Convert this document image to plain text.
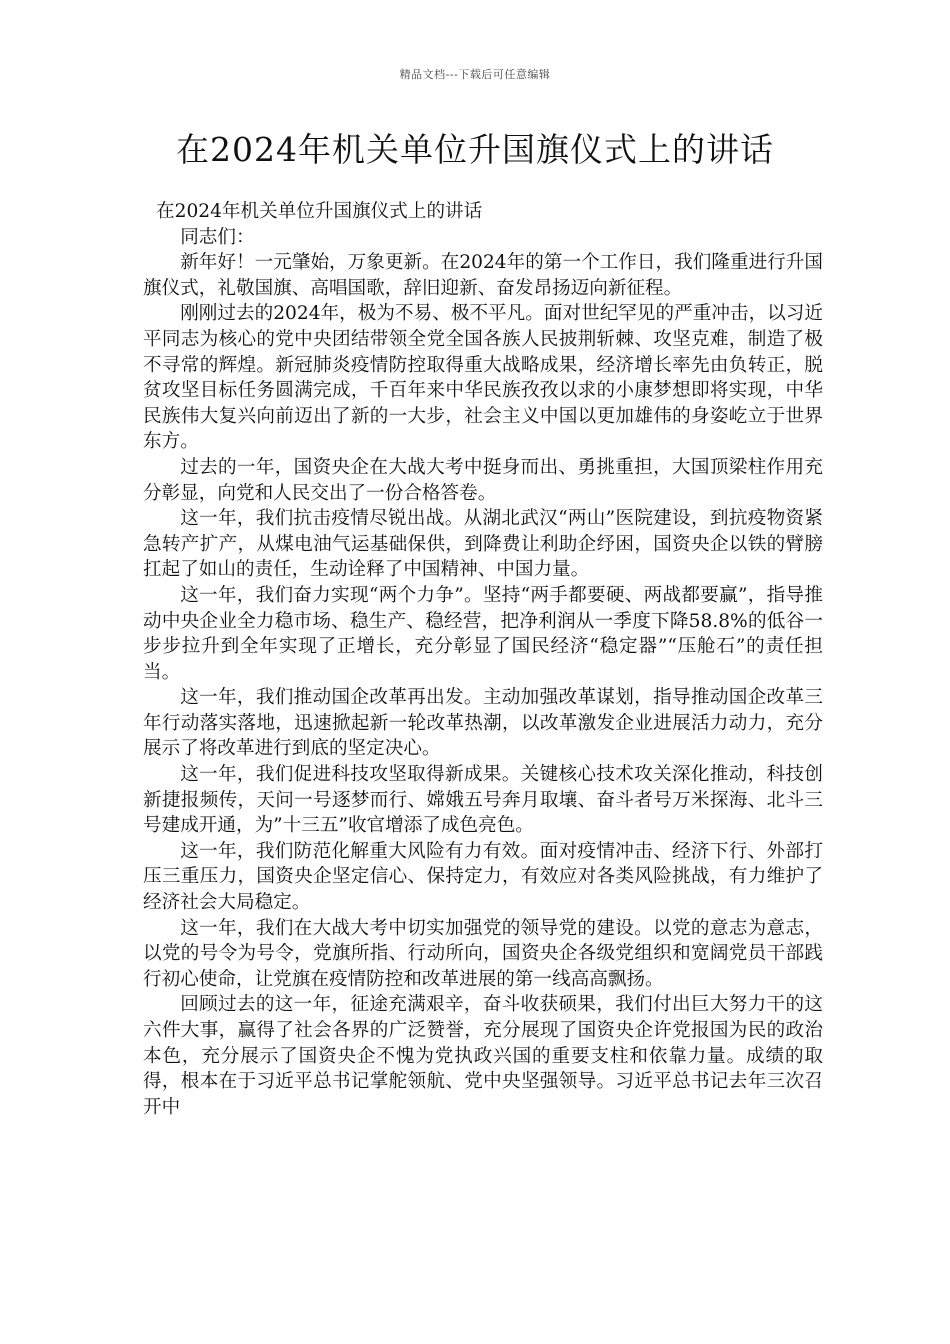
精品文档---下载后可任意编辑
在2024年机关单位升国旗仪式上的讲话

在2024年机关单位升国旗仪式上的讲话

同志们：

新年好！一元肇始，万象更新。在2024年的第一个工作日，我们隆重进行升国旗仪式，礼敬国旗、高唱国歌，辞旧迎新、奋发昂扬迈向新征程。

刚刚过去的2024年，极为不易、极不平凡。面对世纪罕见的严重冲击，以习近平同志为核心的党中央团结带领全党全国各族人民披荆斩棘、攻坚克难，制造了极不寻常的辉煌。新冠肺炎疫情防控取得重大战略成果，经济增长率先由负转正，脱贫攻坚目标任务圆满完成，千百年来中华民族孜孜以求的小康梦想即将实现，中华民族伟大复兴向前迈出了新的一大步，社会主义中国以更加雄伟的身姿屹立于世界东方。

过去的一年，国资央企在大战大考中挺身而出、勇挑重担，大国顶梁柱作用充分彰显，向党和人民交出了一份合格答卷。

这一年，我们抗击疫情尽锐出战。从湖北武汉“两山”医院建设，到抗疫物资紧急转产扩产，从煤电油气运基础保供，到降费让利助企纾困，国资央企以铁的臂膀扛起了如山的责任，生动诠释了中国精神、中国力量。

这一年，我们奋力实现“两个力争”。坚持“两手都要硬、两战都要赢”，指导推动中央企业全力稳市场、稳生产、稳经营，把净利润从一季度下降58.8%的低谷一步步拉升到全年实现了正增长，充分彰显了国民经济“稳定器”“压舱石”的责任担当。

这一年，我们推动国企改革再出发。主动加强改革谋划，指导推动国企改革三年行动落实落地，迅速掀起新一轮改革热潮，以改革激发企业进展活力动力，充分展示了将改革进行到底的坚定决心。

这一年，我们促进科技攻坚取得新成果。关键核心技术攻关深化推动，科技创新捷报频传，天问一号逐梦而行、嫦娥五号奔月取壤、奋斗者号万米探海、北斗三号建成开通，为”十三五”收官增添了成色亮色。

这一年，我们防范化解重大风险有力有效。面对疫情冲击、经济下行、外部打压三重压力，国资央企坚定信心、保持定力，有效应对各类风险挑战，有力维护了经济社会大局稳定。

这一年，我们在大战大考中切实加强党的领导党的建设。以党的意志为意志，以党的号令为号令，党旗所指、行动所向，国资央企各级党组织和宽阔党员干部践行初心使命，让党旗在疫情防控和改革进展的第一线高高飘扬。

回顾过去的这一年，征途充满艰辛，奋斗收获硕果，我们付出巨大努力干的这六件大事，赢得了社会各界的广泛赞誉，充分展现了国资央企许党报国为民的政治本色，充分展示了国资央企不愧为党执政兴国的重要支柱和依靠力量。成绩的取得，根本在于习近平总书记掌舵领航、党中央坚强领导。习近平总书记去年三次召开中
